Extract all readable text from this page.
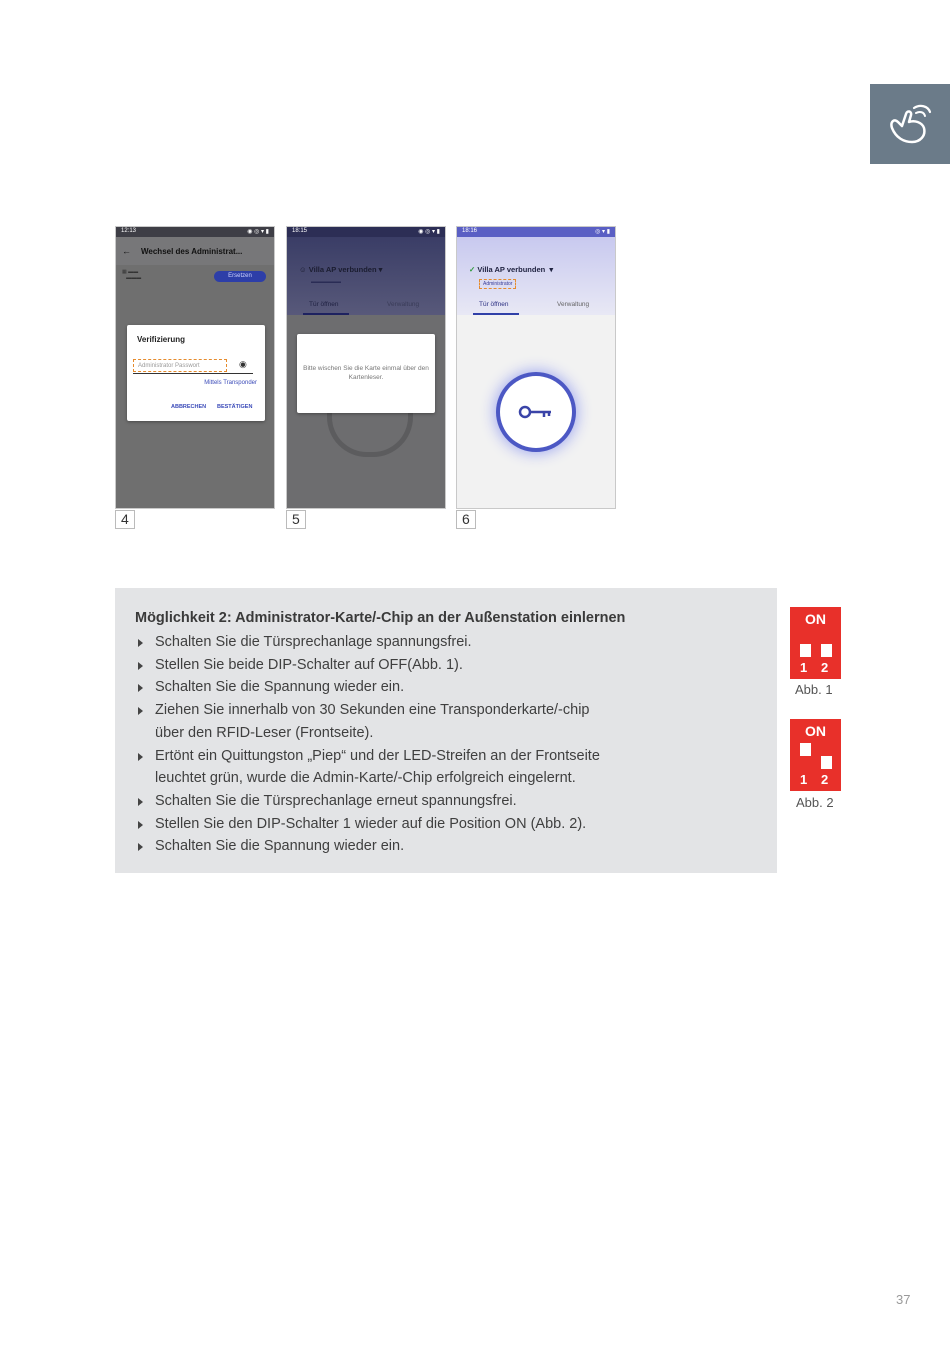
12:13	◉ ◎ ▾ ▮
← Wechsel des Administrat...
▦ ▬▬
▬▬▬	Ersetzen
Verifizierung
Administrator Passwort	◉
Mittels Transponder
ABBRECHEN BESTÄTIGEN
4
18:15	◉ ◎ ▾ ▮
☺ Villa AP verbunden ▾
▬▬▬▬▬▬
Tür öffnen	Verwaltung
Bitte wischen Sie die Karte einmal über den Kartenleser.
5
18:16	◎ ▾ ▮
✓ Villa AP verbunden  ▾
Administrator
Tür öffnen	Verwaltung
6
Möglichkeit 2: Administrator-Karte/-Chip an der Außenstation einlernen
Schalten Sie die Türsprechanlage spannungsfrei.
Stellen Sie beide DIP-Schalter auf OFF(Abb. 1).
Schalten Sie die Spannung wieder ein.
Ziehen Sie innerhalb von 30 Sekunden eine Transponderkarte/-chip
über den RFID-Leser (Frontseite).
Ertönt ein Quittungston „Piep“ und der LED-Streifen an der Frontseite
leuchtet grün, wurde die Admin-Karte/-Chip erfolgreich eingelernt.
Schalten Sie die Türsprechanlage erneut spannungsfrei.
Stellen Sie den DIP-Schalter 1 wieder auf die Position ON (Abb. 2).
Schalten Sie die Spannung wieder ein.
ON
1 2
Abb. 1
ON
1 2
Abb. 2
37
